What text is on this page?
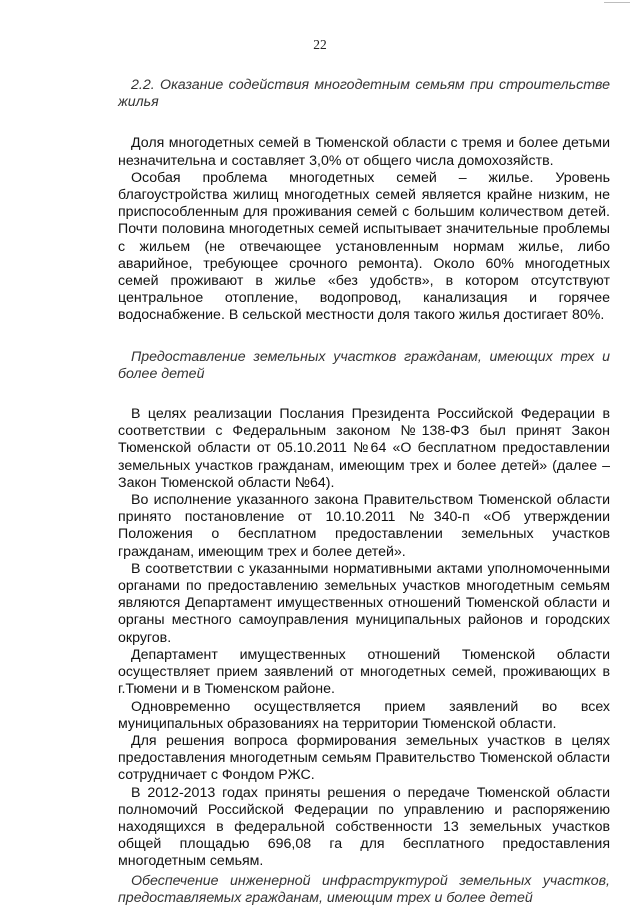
22

2.2. Оказание содействия многодетным семьям при строительстве жилья

Доля многодетных семей в Тюменской области с тремя и более детьми незначительна и составляет 3,0% от общего числа домохозяйств.

Особая проблема многодетных семей – жилье. Уровень благоустройства жилищ многодетных семей является крайне низким, не приспособленным для проживания семей с большим количеством детей. Почти половина многодетных семей испытывает значительные проблемы с жильем (не отвечающее установленным нормам жилье, либо аварийное, требующее срочного ремонта). Около 60% многодетных семей проживают в жилье «без удобств», в котором отсутствуют центральное отопление, водопровод, канализация и горячее водоснабжение. В сельской местности доля такого жилья достигает 80%.

Предоставление земельных участков гражданам, имеющих трех и более детей

В целях реализации Послания Президента Российской Федерации в соответствии с Федеральным законом №138-ФЗ был принят Закон Тюменской области от 05.10.2011 №64 «О бесплатном предоставлении земельных участков гражданам, имеющим трех и более детей» (далее – Закон Тюменской области №64).

Во исполнение указанного закона Правительством Тюменской области принято постановление от 10.10.2011 №340-п «Об утверждении Положения о бесплатном предоставлении земельных участков гражданам, имеющим трех и более детей».

В соответствии с указанными нормативными актами уполномоченными органами по предоставлению земельных участков многодетным семьям являются Департамент имущественных отношений Тюменской области и органы местного самоуправления муниципальных районов и городских округов.

Департамент имущественных отношений Тюменской области осуществляет прием заявлений от многодетных семей, проживающих в г.Тюмени и в Тюменском районе.

Одновременно осуществляется прием заявлений во всех муниципальных образованиях на территории Тюменской области.

Для решения вопроса формирования земельных участков в целях предоставления многодетным семьям Правительство Тюменской области сотрудничает с Фондом РЖС.

В 2012-2013 годах приняты решения о передаче Тюменской области полномочий Российской Федерации по управлению и распоряжению находящихся в федеральной собственности 13 земельных участков общей площадью 696,08 га для бесплатного предоставления многодетным семьям.

Обеспечение инженерной инфраструктурой земельных участков, предоставляемых гражданам, имеющим трех и более детей
